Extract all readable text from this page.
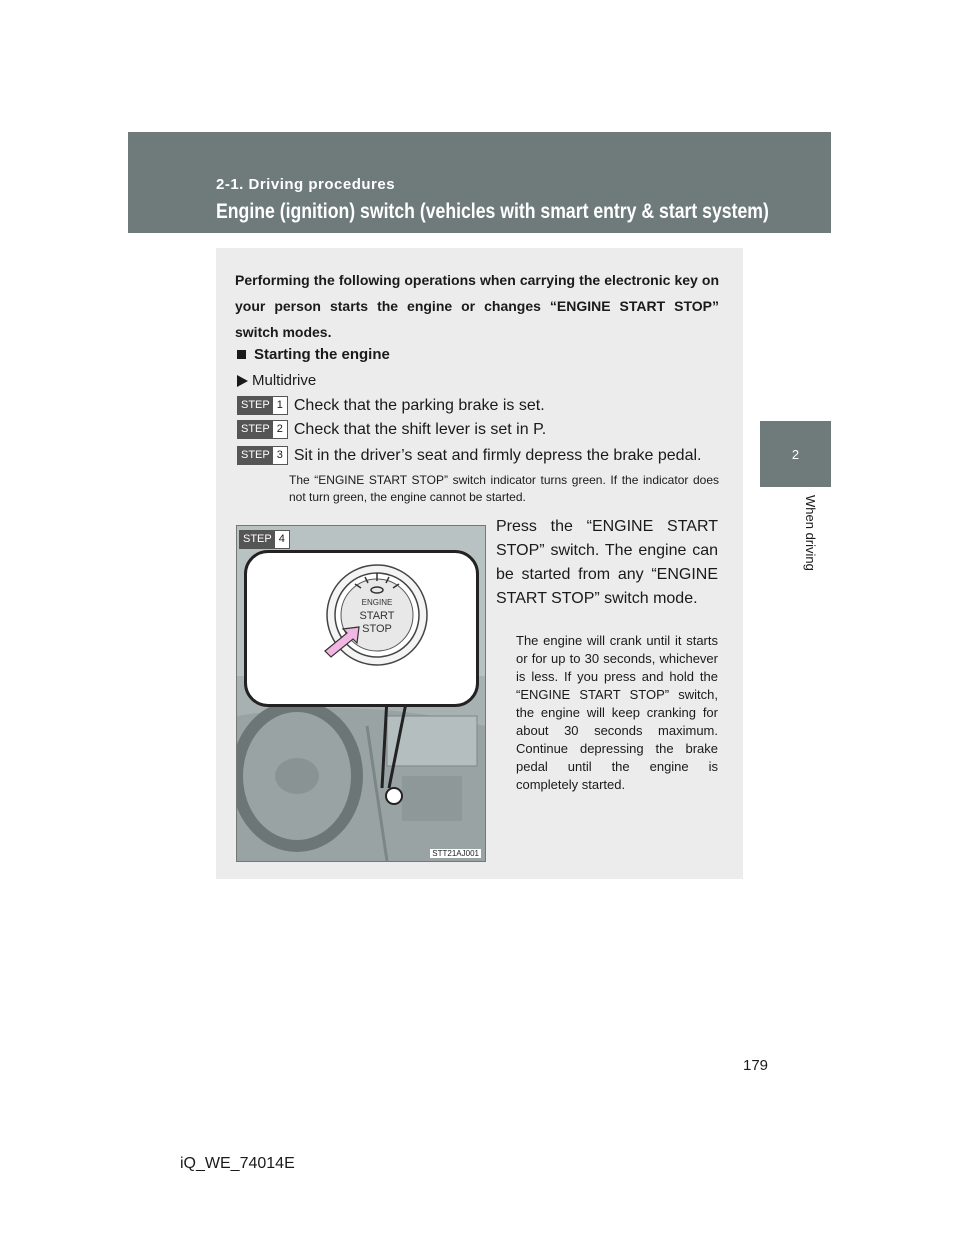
2-1. Driving procedures
Engine (ignition) switch (vehicles with smart entry & start system)
2
When driving
Performing the following operations when carrying the electronic key on your person starts the engine or changes “ENGINE START STOP” switch modes.
Starting the engine
Multidrive
STEP 1 Check that the parking brake is set.
STEP 2 Check that the shift lever is set in P.
STEP 3 Sit in the driver’s seat and firmly depress the brake pedal.
The “ENGINE START STOP” switch indicator turns green. If the indicator does not turn green, the engine cannot be started.
STEP 4
ENGINE
START
STOP
STT21AJ001
Press the “ENGINE START STOP” switch. The engine can be started from any “ENGINE START STOP” switch mode.
The engine will crank until it starts or for up to 30 seconds, whichever is less. If you press and hold the “ENGINE START STOP” switch, the engine will keep cranking for about 30 seconds maximum. Continue depressing the brake pedal until the engine is completely started.
179
iQ_WE_74014E
